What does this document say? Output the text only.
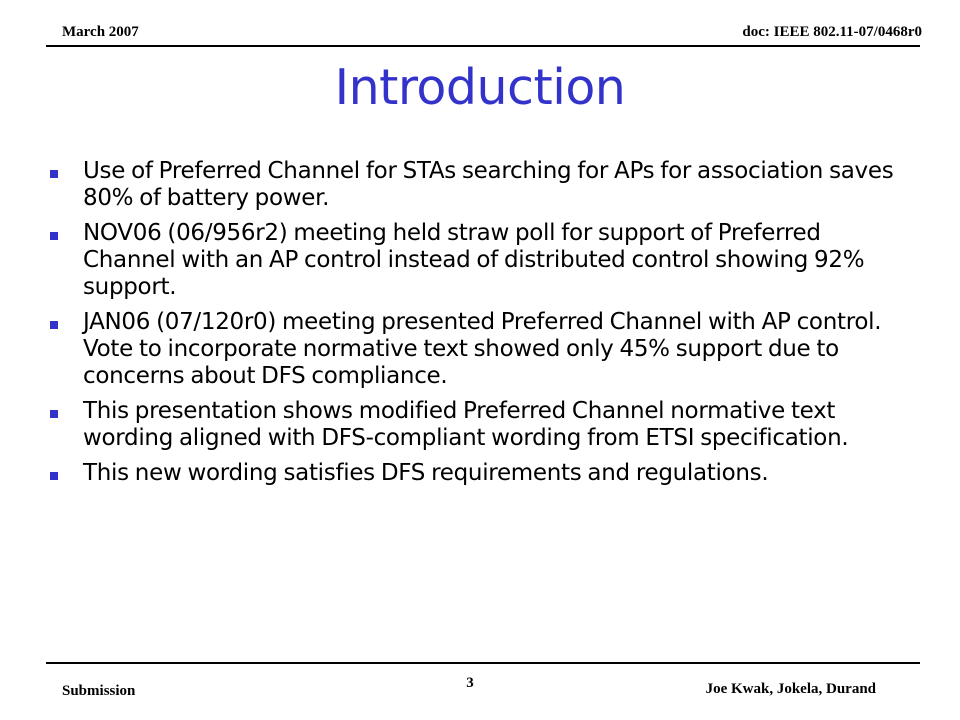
March 2007	doc: IEEE 802.11-07/0468r0
Introduction
Use of Preferred Channel for STAs searching for APs for association saves 80% of battery power.
NOV06 (06/956r2) meeting held straw poll for support of Preferred Channel with an AP control instead of distributed control showing 92% support.
JAN06 (07/120r0) meeting presented Preferred Channel with AP control. Vote to incorporate normative text showed only 45% support due to concerns about DFS compliance.
This presentation shows modified Preferred Channel normative text wording aligned with DFS-compliant wording from ETSI specification.
This new wording satisfies DFS requirements and regulations.
Submission	3	Joe Kwak, Jokela, Durand
